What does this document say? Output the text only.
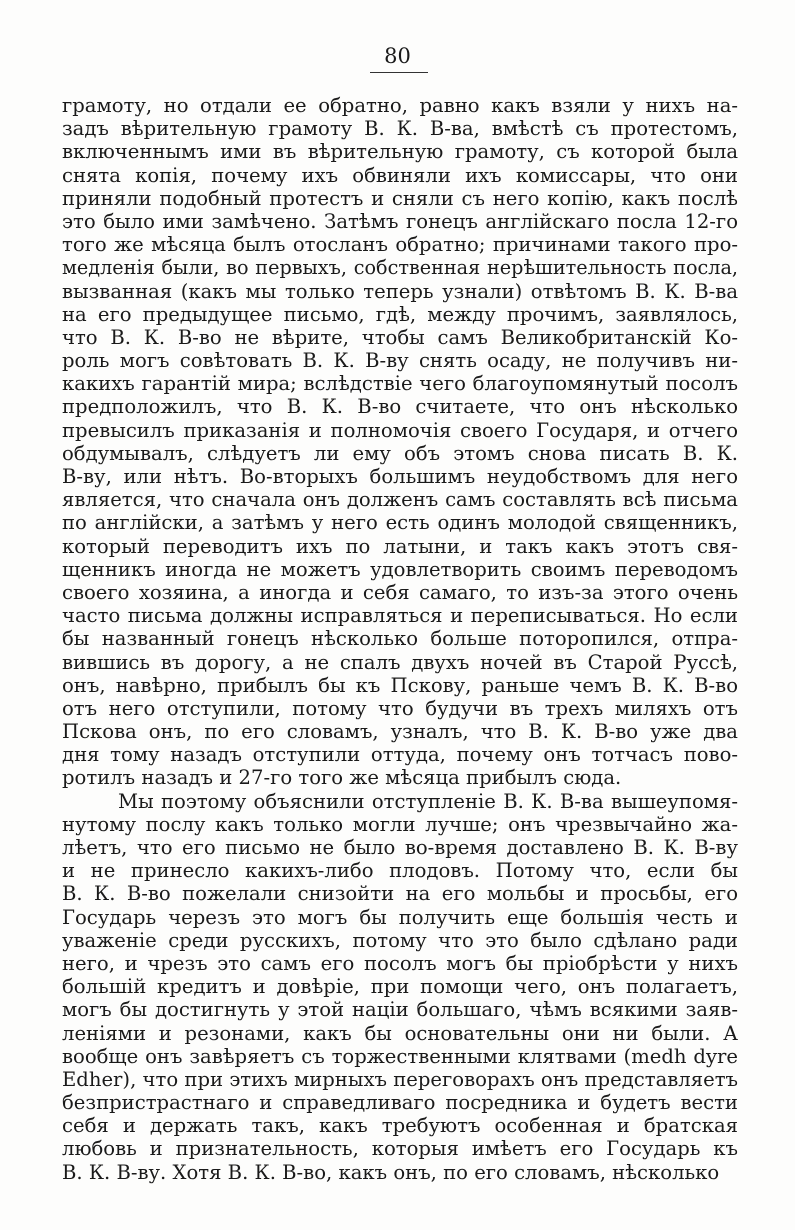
80
грамоту, но отдали ее обратно, равно какъ взяли у нихъ на-
задъ вѣрительную грамоту В. К. В-ва, вмѣстѣ съ протестомъ,
включеннымъ ими въ вѣрительную грамоту, съ которой была
снята копія, почему ихъ обвиняли ихъ комиссары, что они
приняли подобный протестъ и сняли съ него копію, какъ послѣ
это было ими замѣчено. Затѣмъ гонецъ англійскаго посла 12-го
того же мѣсяца былъ отосланъ обратно; причинами такого про-
медленія были, во первыхъ, собственная нерѣшительность посла,
вызванная (какъ мы только теперь узнали) отвѣтомъ В. К. В-ва
на его предыдущее письмо, гдѣ, между прочимъ, заявлялось,
что В. К. В-во не вѣрите, чтобы самъ Великобританскій Ко-
роль могъ совѣтовать В. К. В-ву снять осаду, не получивъ ни-
какихъ гарантій мира; вслѣдствіе чего благоупомянутый посолъ
предположилъ, что В. К. В-во считаете, что онъ нѣсколько
превысилъ приказанія и полномочія своего Государя, и отчего
обдумывалъ, слѣдуетъ ли ему объ этомъ снова писать В. К.
В-ву, или нѣтъ. Во-вторыхъ большимъ неудобствомъ для него
является, что сначала онъ долженъ самъ составлять всѣ письма
по англійски, а затѣмъ у него есть одинъ молодой священникъ,
который переводитъ ихъ по латыни, и такъ какъ этотъ свя-
щенникъ иногда не можетъ удовлетворить своимъ переводомъ
своего хозяина, а иногда и себя самаго, то изъ-за этого очень
часто письма должны исправляться и переписываться. Но если
бы названный гонецъ нѣсколько больше поторопился, отпра-
вившись въ дорогу, а не спалъ двухъ ночей въ Старой Руссѣ,
онъ, навѣрно, прибылъ бы къ Пскову, раньше чемъ В. К. В-во
отъ него отступили, потому что будучи въ трехъ миляхъ отъ
Пскова онъ, по его словамъ, узналъ, что В. К. В-во уже два
дня тому назадъ отступили оттуда, почему онъ тотчасъ пово-
ротилъ назадъ и 27-го того же мѣсяца прибылъ сюда.
Мы поэтому объяснили отступленіе В. К. В-ва вышеупомя-
нутому послу какъ только могли лучше; онъ чрезвычайно жа-
лѣетъ, что его письмо не было во-время доставлено В. К. В-ву
и не принесло какихъ-либо плодовъ. Потому что, если бы
В. К. В-во пожелали снизойти на его мольбы и просьбы, его
Государь черезъ это могъ бы получить еще большія честь и
уваженіе среди русскихъ, потому что это было сдѣлано ради
него, и чрезъ это самъ его посолъ могъ бы пріобрѣсти у нихъ
большій кредитъ и довѣріе, при помощи чего, онъ полагаетъ,
могъ бы достигнуть у этой націи большаго, чѣмъ всякими заяв-
леніями и резонами, какъ бы основательны они ни были. А
вообще онъ завѣряетъ съ торжественными клятвами (medh dyre
Edher), что при этихъ мирныхъ переговорахъ онъ представляетъ
безпристрастнаго и справедливаго посредника и будетъ вести
себя и держать такъ, какъ требуютъ особенная и братская
любовь и признательность, которыя имѣетъ его Государь къ
В. К. В-ву. Хотя В. К. В-во, какъ онъ, по его словамъ, нѣсколько
